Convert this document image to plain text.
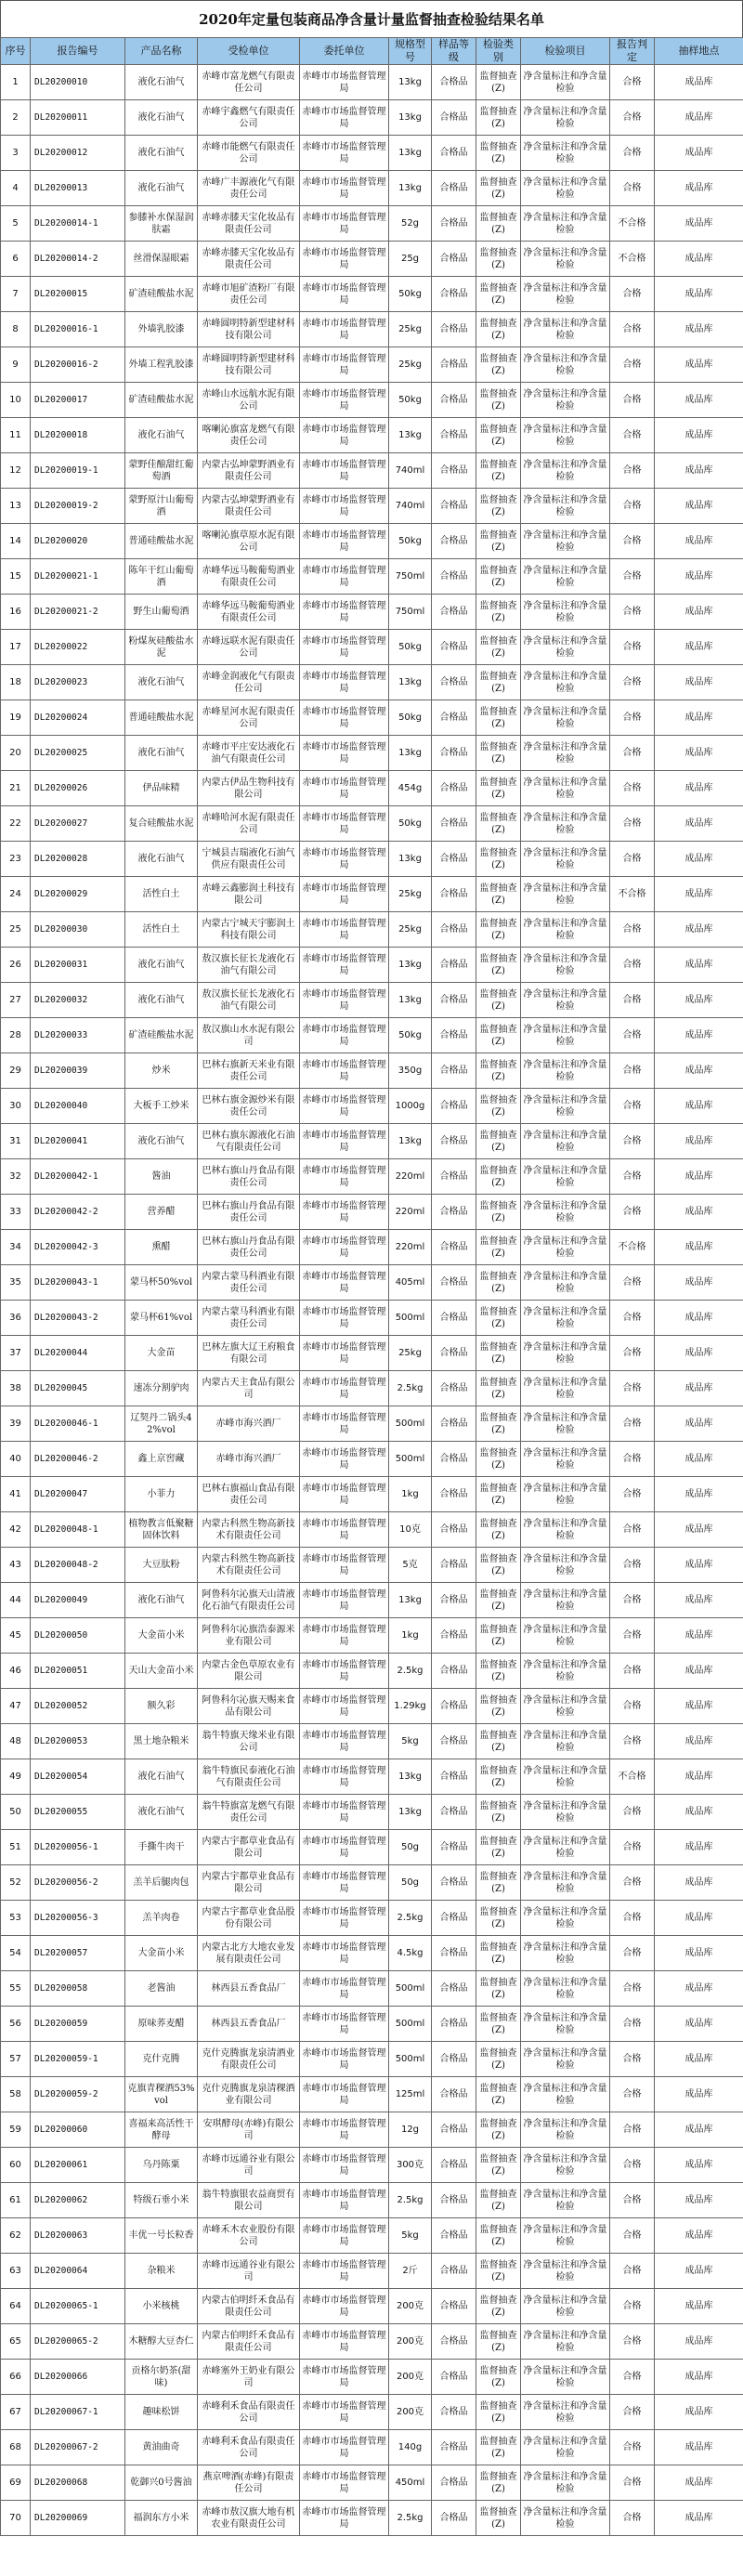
2020年定量包装商品净含量计量监督抽查检验结果名单
序号	报告编号	产品名称	受检单位	委托单位	规格型号	样品等级	检验类别	检验项目	报告判定	抽样地点
1	DL20200010	液化石油气	赤峰市富龙燃气有限责任公司	赤峰市市场监督管理局	13kg	合格品	监督抽查(Z)	净含量标注和净含量检验	合格	成品库
2	DL20200011	液化石油气	赤峰宇鑫燃气有限责任公司	赤峰市市场监督管理局	13kg	合格品	监督抽查(Z)	净含量标注和净含量检验	合格	成品库
3	DL20200012	液化石油气	赤峰市能燃气有限责任公司	赤峰市市场监督管理局	13kg	合格品	监督抽查(Z)	净含量标注和净含量检验	合格	成品库
4	DL20200013	液化石油气	赤峰广丰源液化气有限责任公司	赤峰市市场监督管理局	13kg	合格品	监督抽查(Z)	净含量标注和净含量检验	合格	成品库
5	DL20200014-1	参膝补水保湿润肤霜	赤峰赤膝天宝化妆品有限责任公司	赤峰市市场监督管理局	52g	合格品	监督抽查(Z)	净含量标注和净含量检验	不合格	成品库
6	DL20200014-2	丝滑保湿眼霜	赤峰赤膝天宝化妆品有限责任公司	赤峰市市场监督管理局	25g	合格品	监督抽查(Z)	净含量标注和净含量检验	不合格	成品库
7	DL20200015	矿渣硅酸盐水泥	赤峰市旭矿渣粉厂有限责任公司	赤峰市市场监督管理局	50kg	合格品	监督抽查(Z)	净含量标注和净含量检验	合格	成品库
8	DL20200016-1	外墙乳胶漆	赤峰圆明特新型建材科技有限公司	赤峰市市场监督管理局	25kg	合格品	监督抽查(Z)	净含量标注和净含量检验	合格	成品库
9	DL20200016-2	外墙工程乳胶漆	赤峰圆明特新型建材科技有限公司	赤峰市市场监督管理局	25kg	合格品	监督抽查(Z)	净含量标注和净含量检验	合格	成品库
10	DL20200017	矿渣硅酸盐水泥	赤峰山水远航水泥有限公司	赤峰市市场监督管理局	50kg	合格品	监督抽查(Z)	净含量标注和净含量检验	合格	成品库
11	DL20200018	液化石油气	喀喇沁旗富龙燃气有限责任公司	赤峰市市场监督管理局	13kg	合格品	监督抽查(Z)	净含量标注和净含量检验	合格	成品库
12	DL20200019-1	蒙野佳酿甜红葡萄酒	内蒙古弘坤蒙野酒业有限责任公司	赤峰市市场监督管理局	740ml	合格品	监督抽查(Z)	净含量标注和净含量检验	合格	成品库
13	DL20200019-2	蒙野原汁山葡萄酒	内蒙古弘坤蒙野酒业有限责任公司	赤峰市市场监督管理局	740ml	合格品	监督抽查(Z)	净含量标注和净含量检验	合格	成品库
14	DL20200020	普通硅酸盐水泥	喀喇沁旗草原水泥有限公司	赤峰市市场监督管理局	50kg	合格品	监督抽查(Z)	净含量标注和净含量检验	合格	成品库
15	DL20200021-1	陈年干红山葡萄酒	赤峰华远马鞍葡萄酒业有限责任公司	赤峰市市场监督管理局	750ml	合格品	监督抽查(Z)	净含量标注和净含量检验	合格	成品库
16	DL20200021-2	野生山葡萄酒	赤峰华远马鞍葡萄酒业有限责任公司	赤峰市市场监督管理局	750ml	合格品	监督抽查(Z)	净含量标注和净含量检验	合格	成品库
17	DL20200022	粉煤灰硅酸盐水泥	赤峰远联水泥有限责任公司	赤峰市市场监督管理局	50kg	合格品	监督抽查(Z)	净含量标注和净含量检验	合格	成品库
18	DL20200023	液化石油气	赤峰金润液化气有限责任公司	赤峰市市场监督管理局	13kg	合格品	监督抽查(Z)	净含量标注和净含量检验	合格	成品库
19	DL20200024	普通硅酸盐水泥	赤峰星河水泥有限责任公司	赤峰市市场监督管理局	50kg	合格品	监督抽查(Z)	净含量标注和净含量检验	合格	成品库
20	DL20200025	液化石油气	赤峰市平庄安达液化石油气有限责任公司	赤峰市市场监督管理局	13kg	合格品	监督抽查(Z)	净含量标注和净含量检验	合格	成品库
21	DL20200026	伊品味精	内蒙古伊品生物科技有限公司	赤峰市市场监督管理局	454g	合格品	监督抽查(Z)	净含量标注和净含量检验	合格	成品库
22	DL20200027	复合硅酸盐水泥	赤峰哈河水泥有限责任公司	赤峰市市场监督管理局	50kg	合格品	监督抽查(Z)	净含量标注和净含量检验	合格	成品库
23	DL20200028	液化石油气	宁城县吉瑞液化石油气供应有限责任公司	赤峰市市场监督管理局	13kg	合格品	监督抽查(Z)	净含量标注和净含量检验	合格	成品库
24	DL20200029	活性白土	赤峰云鑫膨润土科技有限公司	赤峰市市场监督管理局	25kg	合格品	监督抽查(Z)	净含量标注和净含量检验	不合格	成品库
25	DL20200030	活性白土	内蒙古宁城天宇膨润土科技有限公司	赤峰市市场监督管理局	25kg	合格品	监督抽查(Z)	净含量标注和净含量检验	合格	成品库
26	DL20200031	液化石油气	敖汉旗长征长龙液化石油气有限公司	赤峰市市场监督管理局	13kg	合格品	监督抽查(Z)	净含量标注和净含量检验	合格	成品库
27	DL20200032	液化石油气	敖汉旗长征长龙液化石油气有限公司	赤峰市市场监督管理局	13kg	合格品	监督抽查(Z)	净含量标注和净含量检验	合格	成品库
28	DL20200033	矿渣硅酸盐水泥	敖汉旗山水水泥有限公司	赤峰市市场监督管理局	50kg	合格品	监督抽查(Z)	净含量标注和净含量检验	合格	成品库
29	DL20200039	炒米	巴林右旗新天米业有限责任公司	赤峰市市场监督管理局	350g	合格品	监督抽查(Z)	净含量标注和净含量检验	合格	成品库
30	DL20200040	大板手工炒米	巴林右旗金源炒米有限责任公司	赤峰市市场监督管理局	1000g	合格品	监督抽查(Z)	净含量标注和净含量检验	合格	成品库
31	DL20200041	液化石油气	巴林右旗东源液化石油气有限责任公司	赤峰市市场监督管理局	13kg	合格品	监督抽查(Z)	净含量标注和净含量检验	合格	成品库
32	DL20200042-1	酱油	巴林右旗山丹食品有限责任公司	赤峰市市场监督管理局	220ml	合格品	监督抽查(Z)	净含量标注和净含量检验	合格	成品库
33	DL20200042-2	营养醋	巴林右旗山丹食品有限责任公司	赤峰市市场监督管理局	220ml	合格品	监督抽查(Z)	净含量标注和净含量检验	合格	成品库
34	DL20200042-3	熏醋	巴林右旗山丹食品有限责任公司	赤峰市市场监督管理局	220ml	合格品	监督抽查(Z)	净含量标注和净含量检验	不合格	成品库
35	DL20200043-1	蒙马杯50%vol	内蒙古蒙马科酒业有限责任公司	赤峰市市场监督管理局	405ml	合格品	监督抽查(Z)	净含量标注和净含量检验	合格	成品库
36	DL20200043-2	蒙马杯61%vol	内蒙古蒙马科酒业有限责任公司	赤峰市市场监督管理局	500ml	合格品	监督抽查(Z)	净含量标注和净含量检验	合格	成品库
37	DL20200044	大金苗	巴林左旗大辽王府粮食有限公司	赤峰市市场监督管理局	25kg	合格品	监督抽查(Z)	净含量标注和净含量检验	合格	成品库
38	DL20200045	速冻分割驴肉	内蒙古天主食品有限公司	赤峰市市场监督管理局	2.5kg	合格品	监督抽查(Z)	净含量标注和净含量检验	合格	成品库
39	DL20200046-1	辽契丹二锅头42%vol	赤峰市海兴酒厂	赤峰市市场监督管理局	500ml	合格品	监督抽查(Z)	净含量标注和净含量检验	合格	成品库
40	DL20200046-2	鑫上京窖藏	赤峰市海兴酒厂	赤峰市市场监督管理局	500ml	合格品	监督抽查(Z)	净含量标注和净含量检验	合格	成品库
41	DL20200047	小菲力	巴林右旗福山食品有限责任公司	赤峰市市场监督管理局	1kg	合格品	监督抽查(Z)	净含量标注和净含量检验	合格	成品库
42	DL20200048-1	植物教言低聚糖固体饮料	内蒙古科然生物高新技术有限责任公司	赤峰市市场监督管理局	10克	合格品	监督抽查(Z)	净含量标注和净含量检验	合格	成品库
43	DL20200048-2	大豆肽粉	内蒙古科然生物高新技术有限责任公司	赤峰市市场监督管理局	5克	合格品	监督抽查(Z)	净含量标注和净含量检验	合格	成品库
44	DL20200049	液化石油气	阿鲁科尔沁旗天山清液化石油气有限责任公司	赤峰市市场监督管理局	13kg	合格品	监督抽查(Z)	净含量标注和净含量检验	合格	成品库
45	DL20200050	大金苗小米	阿鲁科尔沁旗浩泰源米业有限公司	赤峰市市场监督管理局	1kg	合格品	监督抽查(Z)	净含量标注和净含量检验	合格	成品库
46	DL20200051	天山大金苗小米	内蒙古金色草原农业有限公司	赤峰市市场监督管理局	2.5kg	合格品	监督抽查(Z)	净含量标注和净含量检验	合格	成品库
47	DL20200052	额久彩	阿鲁科尔沁旗天赐来食品有限公司	赤峰市市场监督管理局	1.29kg	合格品	监督抽查(Z)	净含量标注和净含量检验	合格	成品库
48	DL20200053	黑土地杂粮米	翁牛特旗天缘米业有限公司	赤峰市市场监督管理局	5kg	合格品	监督抽查(Z)	净含量标注和净含量检验	合格	成品库
49	DL20200054	液化石油气	翁牛特旗民泰液化石油气有限责任公司	赤峰市市场监督管理局	13kg	合格品	监督抽查(Z)	净含量标注和净含量检验	不合格	成品库
50	DL20200055	液化石油气	翁牛特旗富龙燃气有限责任公司	赤峰市市场监督管理局	13kg	合格品	监督抽查(Z)	净含量标注和净含量检验	合格	成品库
51	DL20200056-1	手撕牛肉干	内蒙古宇都草业食品有限公司	赤峰市市场监督管理局	50g	合格品	监督抽查(Z)	净含量标注和净含量检验	合格	成品库
52	DL20200056-2	羔羊后腿肉包	内蒙古宇都草业食品有限公司	赤峰市市场监督管理局	50g	合格品	监督抽查(Z)	净含量标注和净含量检验	合格	成品库
53	DL20200056-3	羔羊肉卷	内蒙古宇都草业食品股份有限公司	赤峰市市场监督管理局	2.5kg	合格品	监督抽查(Z)	净含量标注和净含量检验	合格	成品库
54	DL20200057	大金苗小米	内蒙古北方大地农业发展有限责任公司	赤峰市市场监督管理局	4.5kg	合格品	监督抽查(Z)	净含量标注和净含量检验	合格	成品库
55	DL20200058	老酱油	林西县五香食品厂	赤峰市市场监督管理局	500ml	合格品	监督抽查(Z)	净含量标注和净含量检验	合格	成品库
56	DL20200059	原味荞麦醋	林西县五香食品厂	赤峰市市场监督管理局	500ml	合格品	监督抽查(Z)	净含量标注和净含量检验	合格	成品库
57	DL20200059-1	克什克腾	克什克腾旗龙泉清酒业有限责任公司	赤峰市市场监督管理局	500ml	合格品	监督抽查(Z)	净含量标注和净含量检验	合格	成品库
58	DL20200059-2	克旗青稞酒53%vol	克什克腾旗龙泉清稞酒业有限公司	赤峰市市场监督管理局	125ml	合格品	监督抽查(Z)	净含量标注和净含量检验	合格	成品库
59	DL20200060	喜福来高活性干酵母	安琪酵母(赤峰)有限公司	赤峰市市场监督管理局	12g	合格品	监督抽查(Z)	净含量标注和净含量检验	合格	成品库
60	DL20200061	乌丹陈粟	赤峰市远通谷业有限公司	赤峰市市场监督管理局	300克	合格品	监督抽查(Z)	净含量标注和净含量检验	合格	成品库
61	DL20200062	特级石垂小米	翁牛特旗银农益商贸有限公司	赤峰市市场监督管理局	2.5kg	合格品	监督抽查(Z)	净含量标注和净含量检验	合格	成品库
62	DL20200063	丰优一号长粒香	赤峰禾木农业股份有限公司	赤峰市市场监督管理局	5kg	合格品	监督抽查(Z)	净含量标注和净含量检验	合格	成品库
63	DL20200064	杂粮米	赤峰市远通谷业有限公司	赤峰市市场监督管理局	2斤	合格品	监督抽查(Z)	净含量标注和净含量检验	合格	成品库
64	DL20200065-1	小米核桃	内蒙古伯明纤禾食品有限责任公司	赤峰市市场监督管理局	200克	合格品	监督抽查(Z)	净含量标注和净含量检验	合格	成品库
65	DL20200065-2	木糖醇大豆杏仁	内蒙古伯明纤禾食品有限责任公司	赤峰市市场监督管理局	200克	合格品	监督抽查(Z)	净含量标注和净含量检验	合格	成品库
66	DL20200066	贡格尔奶茶(甜味)	赤峰塞外王奶业有限公司	赤峰市市场监督管理局	200克	合格品	监督抽查(Z)	净含量标注和净含量检验	合格	成品库
67	DL20200067-1	趣味松饼	赤峰利禾食品有限责任公司	赤峰市市场监督管理局	200克	合格品	监督抽查(Z)	净含量标注和净含量检验	合格	成品库
68	DL20200067-2	黄油曲奇	赤峰利禾食品有限责任公司	赤峰市市场监督管理局	140g	合格品	监督抽查(Z)	净含量标注和净含量检验	合格	成品库
69	DL20200068	乾御兴0号酱油	燕京啤酒(赤峰)有限责任公司	赤峰市市场监督管理局	450ml	合格品	监督抽查(Z)	净含量标注和净含量检验	合格	成品库
70	DL20200069	福润东方小米	赤峰市敖汉旗大地有机农业有限责任公司	赤峰市市场监督管理局	2.5kg	合格品	监督抽查(Z)	净含量标注和净含量检验	合格	成品库
